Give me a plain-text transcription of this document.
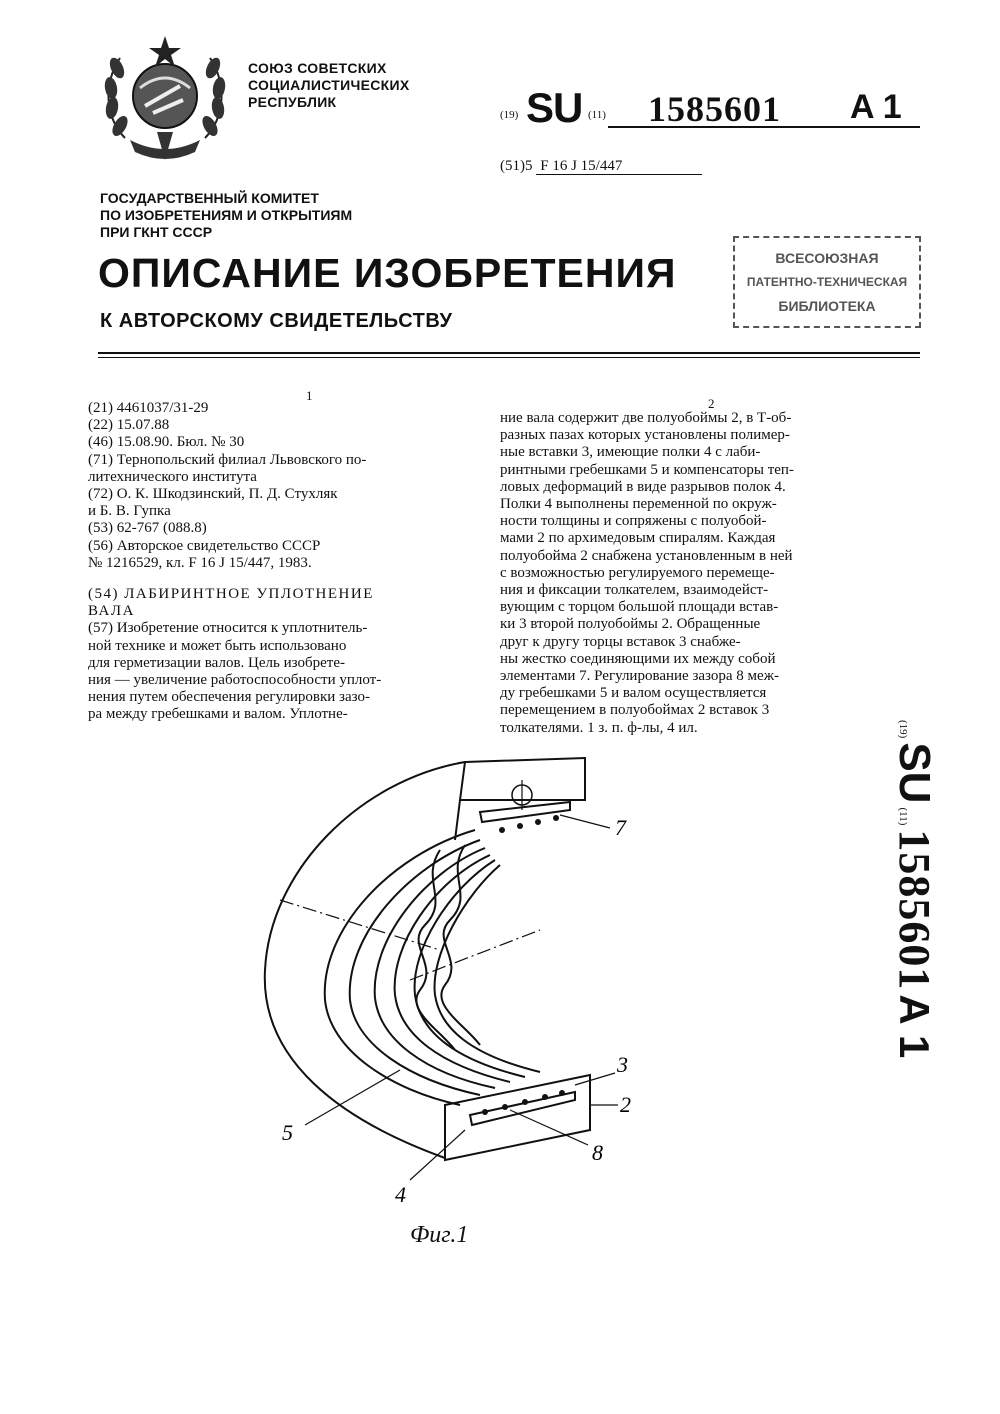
СОЮЗ СОВЕТСКИХ
СОЦИАЛИСТИЧЕСКИХ
РЕСПУБЛИК
(19) SU (11) 1585601 A 1
(51)5 F 16 J 15/447
ГОСУДАРСТВЕННЫЙ КОМИТЕТ
ПО ИЗОБРЕТЕНИЯМ И ОТКРЫТИЯМ
ПРИ ГКНТ СССР
ОПИСАНИЕ ИЗОБРЕТЕНИЯ
К АВТОРСКОМУ СВИДЕТЕЛЬСТВУ
ВСЕСОЮЗНАЯ
ПАТЕНТНО-ТЕХНИЧЕСКАЯ
БИБЛИОТЕКА
1
2

(21) 4461037/31-29

(22) 15.07.88

(46) 15.08.90. Бюл. № 30

(71) Тернопольский филиал Львовского по-

литехнического института

(72) О. К. Шкодзинский, П. Д. Стухляк

и Б. В. Гупка

(53) 62-767 (088.8)

(56) Авторское свидетельство СССР

№ 1216529, кл. F 16 J 15/447, 1983.

(54) ЛАБИРИНТНОЕ УПЛОТНЕНИЕ

ВАЛА

(57) Изобретение относится к уплотнитель-

ной технике и может быть использовано

для герметизации валов. Цель изобрете-

ния — увеличение работоспособности уплот-

нения путем обеспечения регулировки зазо-

ра между гребешками и валом. Уплотне-

ние вала содержит две полуобоймы 2, в Т-об-
разных пазах которых установлены полимер-
ные вставки 3, имеющие полки 4 с лаби-
ринтными гребешками 5 и компенсаторы теп-
ловых деформаций в виде разрывов полок 4.
Полки 4 выполнены переменной по окруж-
ности толщины и сопряжены с полуобой-
мами 2 по архимедовым спиралям. Каждая
полуобойма 2 снабжена установленным в ней
с возможностью регулируемого перемеще-
ния и фиксации толкателем, взаимодейст-
вующим с торцом большой площади встав-
ки 3 второй полуобоймы 2. Обращенные
друг к другу торцы вставок 3 снабже-
ны жестко соединяющими их между собой
элементами 7. Регулирование зазора 8 меж-
ду гребешками 5 и валом осуществляется
перемещением в полуобоймах 2 вставок 3
толкателями. 1 з. п. ф-лы, 4 ил.	(19) SU (11) 1585601 A 1
7
3
2
5
8
4
Фиг.1
